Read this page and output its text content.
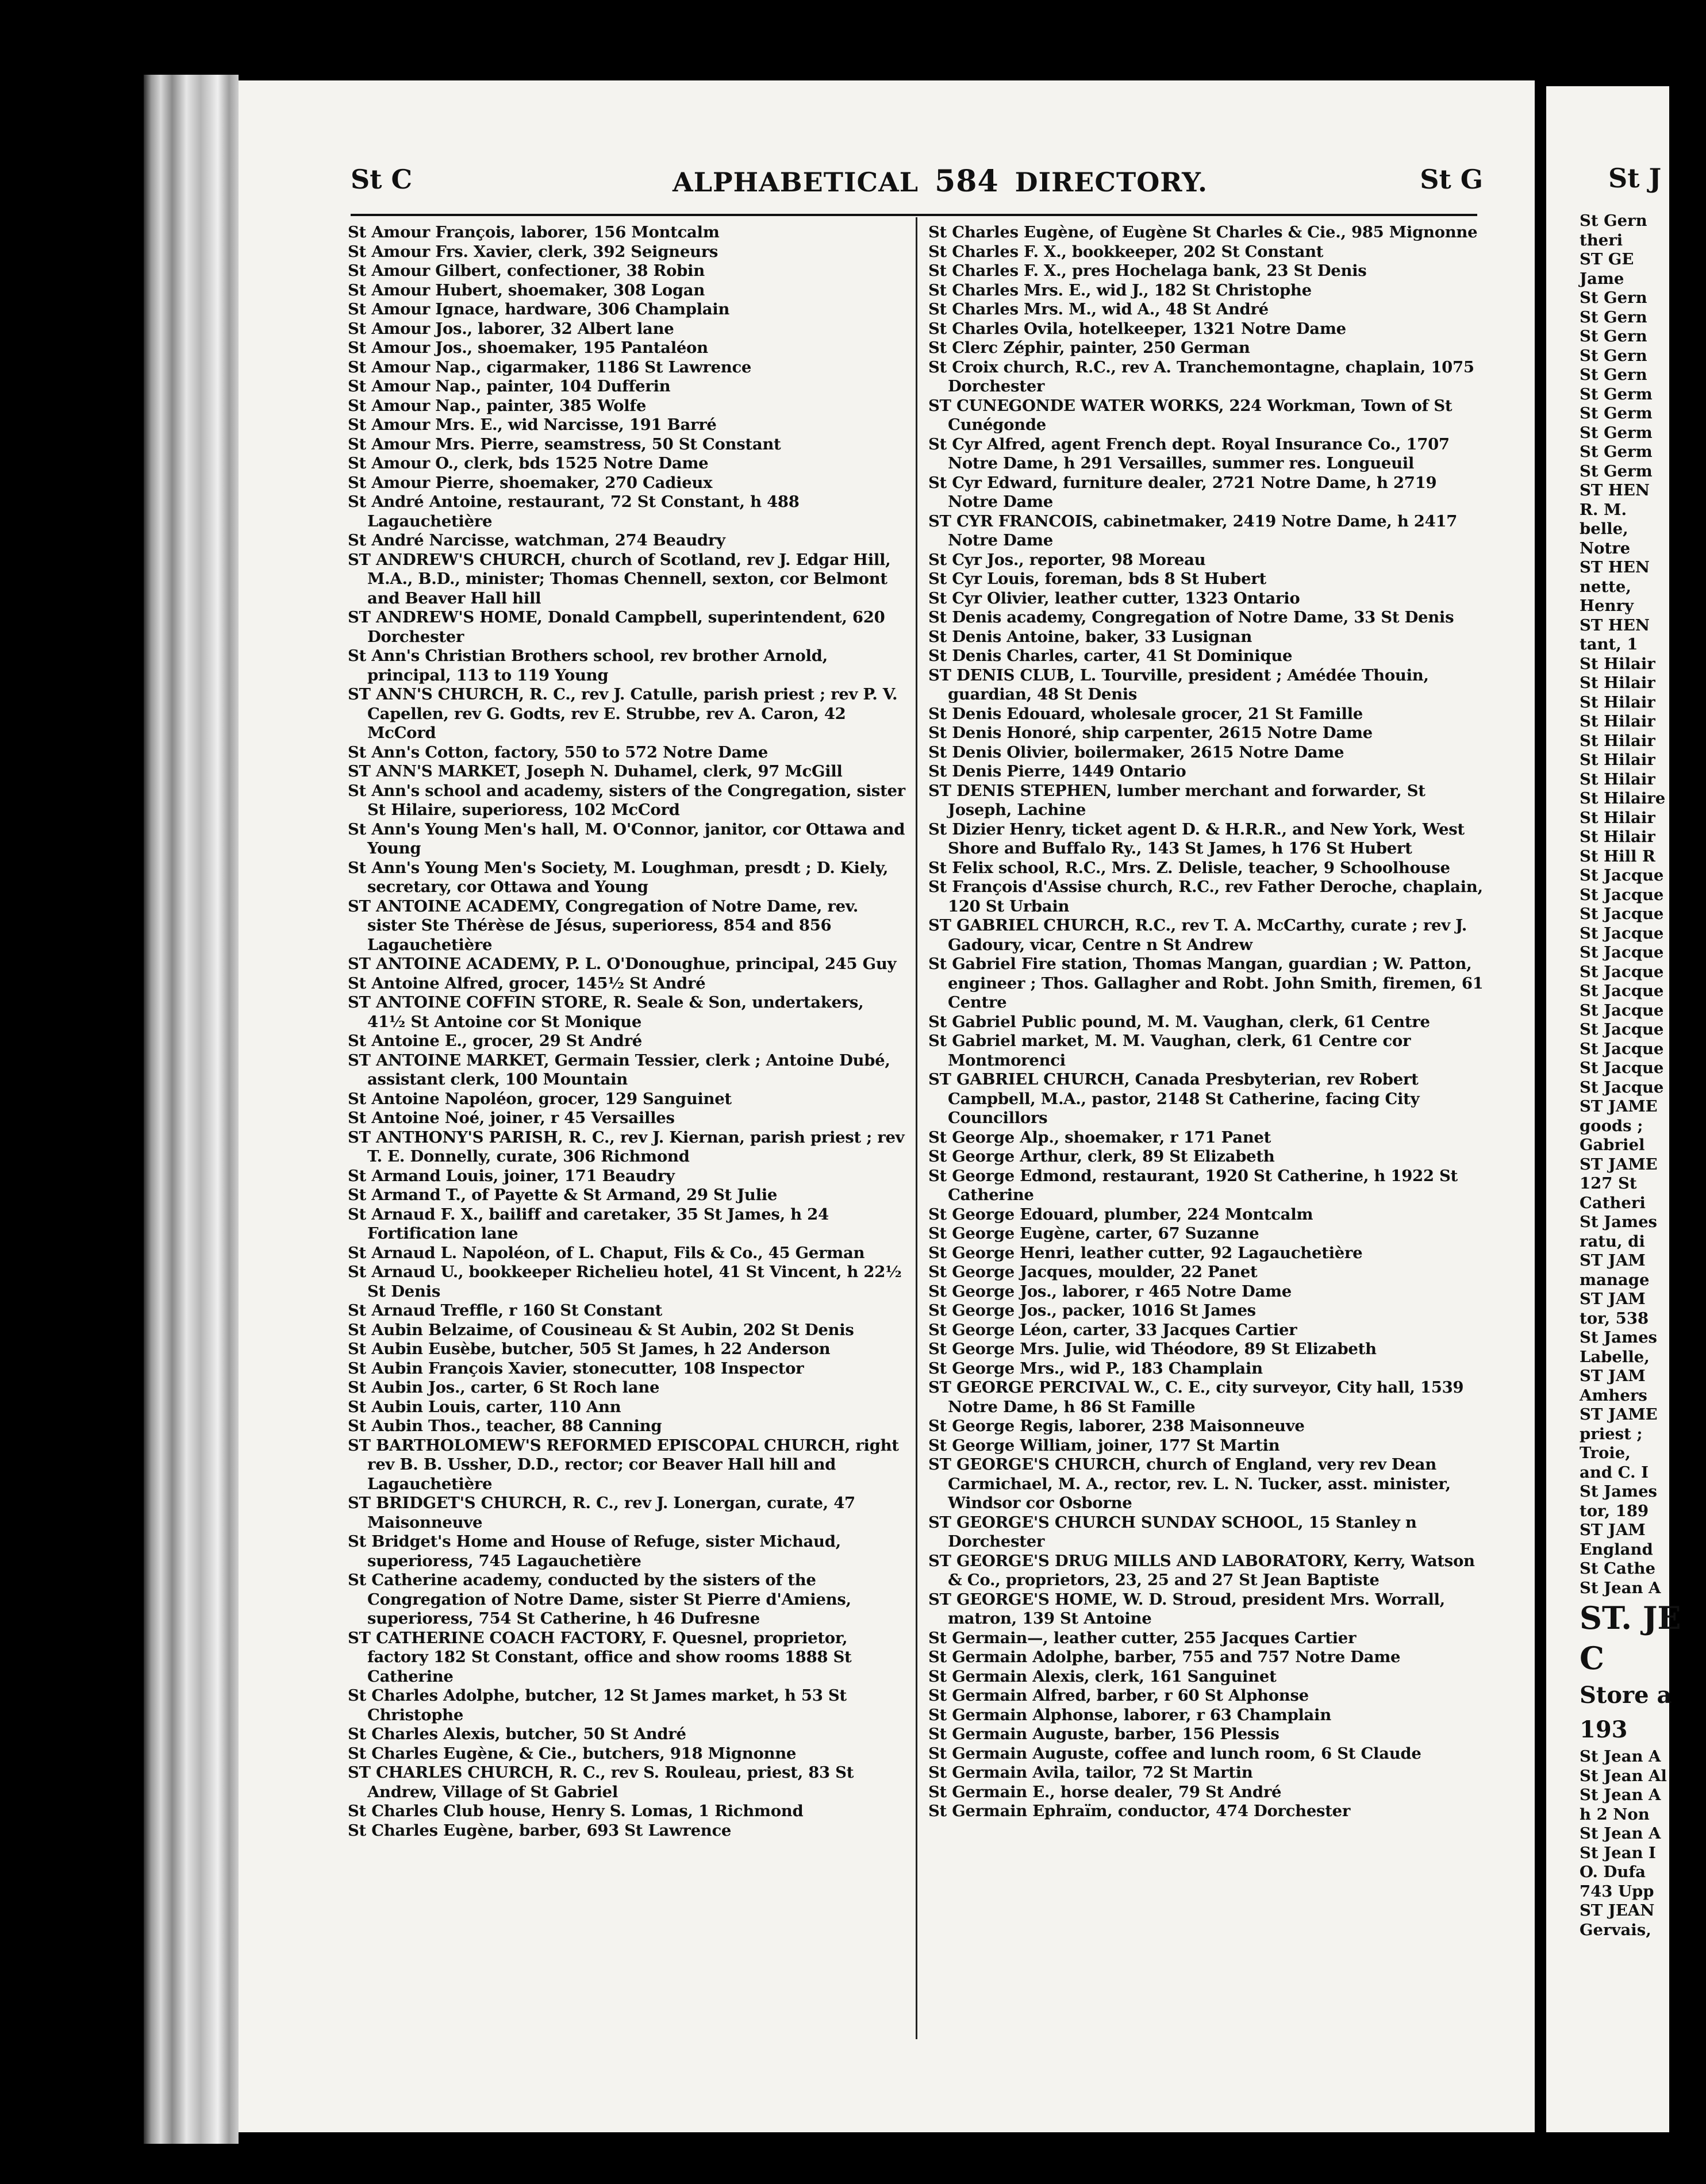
St C	ALPHABETICAL 584 DIRECTORY.	St G

St Amour François, laborer, 156 Montcalm

St Amour Frs. Xavier, clerk, 392 Seigneurs

St Amour Gilbert, confectioner, 38 Robin

St Amour Hubert, shoemaker, 308 Logan

St Amour Ignace, hardware, 306 Champlain

St Amour Jos., laborer, 32 Albert lane

St Amour Jos., shoemaker, 195 Pantaléon

St Amour Nap., cigarmaker, 1186 St Lawrence

St Amour Nap., painter, 104 Dufferin

St Amour Nap., painter, 385 Wolfe

St Amour Mrs. E., wid Narcisse, 191 Barré

St Amour Mrs. Pierre, seamstress, 50 St Constant

St Amour O., clerk, bds 1525 Notre Dame

St Amour Pierre, shoemaker, 270 Cadieux

St André Antoine, restaurant, 72 St Constant, h 488 Lagauchetière

St André Narcisse, watchman, 274 Beaudry

ST ANDREW'S CHURCH, church of Scotland, rev J. Edgar Hill, M.A., B.D., minister; Thomas Chennell, sexton, cor Belmont and Beaver Hall hill

ST ANDREW'S HOME, Donald Campbell, superintendent, 620 Dorchester

St Ann's Christian Brothers school, rev brother Arnold, principal, 113 to 119 Young

ST ANN'S CHURCH, R. C., rev J. Catulle, parish priest ; rev P. V. Capellen, rev G. Godts, rev E. Strubbe, rev A. Caron, 42 McCord

St Ann's Cotton, factory, 550 to 572 Notre Dame

ST ANN'S MARKET, Joseph N. Duhamel, clerk, 97 McGill

St Ann's school and academy, sisters of the Congregation, sister St Hilaire, superioress, 102 McCord

St Ann's Young Men's hall, M. O'Connor, janitor, cor Ottawa and Young

St Ann's Young Men's Society, M. Loughman, presdt ; D. Kiely, secretary, cor Ottawa and Young

ST ANTOINE ACADEMY, Congregation of Notre Dame, rev. sister Ste Thérèse de Jésus, superioress, 854 and 856 Lagauchetière

ST ANTOINE ACADEMY, P. L. O'Donoughue, principal, 245 Guy

St Antoine Alfred, grocer, 145½ St André

ST ANTOINE COFFIN STORE, R. Seale & Son, undertakers, 41½ St Antoine cor St Monique

St Antoine E., grocer, 29 St André

ST ANTOINE MARKET, Germain Tessier, clerk ; Antoine Dubé, assistant clerk, 100 Mountain

St Antoine Napoléon, grocer, 129 Sanguinet

St Antoine Noé, joiner, r 45 Versailles

ST ANTHONY'S PARISH, R. C., rev J. Kiernan, parish priest ; rev T. E. Donnelly, curate, 306 Richmond

St Armand Louis, joiner, 171 Beaudry

St Armand T., of Payette & St Armand, 29 St Julie

St Arnaud F. X., bailiff and caretaker, 35 St James, h 24 Fortification lane

St Arnaud L. Napoléon, of L. Chaput, Fils & Co., 45 German

St Arnaud U., bookkeeper Richelieu hotel, 41 St Vincent, h 22½ St Denis

St Arnaud Treffle, r 160 St Constant

St Aubin Belzaime, of Cousineau & St Aubin, 202 St Denis

St Aubin Eusèbe, butcher, 505 St James, h 22 Anderson

St Aubin François Xavier, stonecutter, 108 Inspector

St Aubin Jos., carter, 6 St Roch lane

St Aubin Louis, carter, 110 Ann

St Aubin Thos., teacher, 88 Canning

ST BARTHOLOMEW'S REFORMED EPISCOPAL CHURCH, right rev B. B. Ussher, D.D., rector; cor Beaver Hall hill and Lagauchetière

ST BRIDGET'S CHURCH, R. C., rev J. Lonergan, curate, 47 Maisonneuve

St Bridget's Home and House of Refuge, sister Michaud, superioress, 745 Lagauchetière

St Catherine academy, conducted by the sisters of the Congregation of Notre Dame, sister St Pierre d'Amiens, superioress, 754 St Catherine, h 46 Dufresne

ST CATHERINE COACH FACTORY, F. Quesnel, proprietor, factory 182 St Constant, office and show rooms 1888 St Catherine

St Charles Adolphe, butcher, 12 St James market, h 53 St Christophe

St Charles Alexis, butcher, 50 St André

St Charles Eugène, & Cie., butchers, 918 Mignonne

ST CHARLES CHURCH, R. C., rev S. Rouleau, priest, 83 St Andrew, Village of St Gabriel

St Charles Club house, Henry S. Lomas, 1 Richmond

St Charles Eugène, barber, 693 St Lawrence

St Charles Eugène, of Eugène St Charles & Cie., 985 Mignonne

St Charles F. X., bookkeeper, 202 St Constant

St Charles F. X., pres Hochelaga bank, 23 St Denis

St Charles Mrs. E., wid J., 182 St Christophe

St Charles Mrs. M., wid A., 48 St André

St Charles Ovila, hotelkeeper, 1321 Notre Dame

St Clerc Zéphir, painter, 250 German

St Croix church, R.C., rev A. Tranchemontagne, chaplain, 1075 Dorchester

ST CUNEGONDE WATER WORKS, 224 Workman, Town of St Cunégonde

St Cyr Alfred, agent French dept. Royal Insurance Co., 1707 Notre Dame, h 291 Versailles, summer res. Longueuil

St Cyr Edward, furniture dealer, 2721 Notre Dame, h 2719 Notre Dame

ST CYR FRANCOIS, cabinetmaker, 2419 Notre Dame, h 2417 Notre Dame

St Cyr Jos., reporter, 98 Moreau

St Cyr Louis, foreman, bds 8 St Hubert

St Cyr Olivier, leather cutter, 1323 Ontario

St Denis academy, Congregation of Notre Dame, 33 St Denis

St Denis Antoine, baker, 33 Lusignan

St Denis Charles, carter, 41 St Dominique

ST DENIS CLUB, L. Tourville, president ; Amédée Thouin, guardian, 48 St Denis

St Denis Edouard, wholesale grocer, 21 St Famille

St Denis Honoré, ship carpenter, 2615 Notre Dame

St Denis Olivier, boilermaker, 2615 Notre Dame

St Denis Pierre, 1449 Ontario

ST DENIS STEPHEN, lumber merchant and forwarder, St Joseph, Lachine

St Dizier Henry, ticket agent D. & H.R.R., and New York, West Shore and Buffalo Ry., 143 St James, h 176 St Hubert

St Felix school, R.C., Mrs. Z. Delisle, teacher, 9 Schoolhouse

St François d'Assise church, R.C., rev Father Deroche, chaplain, 120 St Urbain

ST GABRIEL CHURCH, R.C., rev T. A. McCarthy, curate ; rev J. Gadoury, vicar, Centre n St Andrew

St Gabriel Fire station, Thomas Mangan, guardian ; W. Patton, engineer ; Thos. Gallagher and Robt. John Smith, firemen, 61 Centre

St Gabriel Public pound, M. M. Vaughan, clerk, 61 Centre

St Gabriel market, M. M. Vaughan, clerk, 61 Centre cor Montmorenci

ST GABRIEL CHURCH, Canada Presbyterian, rev Robert Campbell, M.A., pastor, 2148 St Catherine, facing City Councillors

St George Alp., shoemaker, r 171 Panet

St George Arthur, clerk, 89 St Elizabeth

St George Edmond, restaurant, 1920 St Catherine, h 1922 St Catherine

St George Edouard, plumber, 224 Montcalm

St George Eugène, carter, 67 Suzanne

St George Henri, leather cutter, 92 Lagauchetière

St George Jacques, moulder, 22 Panet

St George Jos., laborer, r 465 Notre Dame

St George Jos., packer, 1016 St James

St George Léon, carter, 33 Jacques Cartier

St George Mrs. Julie, wid Théodore, 89 St Elizabeth

St George Mrs., wid P., 183 Champlain

ST GEORGE PERCIVAL W., C. E., city surveyor, City hall, 1539 Notre Dame, h 86 St Famille

St George Regis, laborer, 238 Maisonneuve

St George William, joiner, 177 St Martin

ST GEORGE'S CHURCH, church of England, very rev Dean Carmichael, M. A., rector, rev. L. N. Tucker, asst. minister, Windsor cor Osborne

ST GEORGE'S CHURCH SUNDAY SCHOOL, 15 Stanley n Dorchester

ST GEORGE'S DRUG MILLS AND LABORATORY, Kerry, Watson & Co., proprietors, 23, 25 and 27 St Jean Baptiste

ST GEORGE'S HOME, W. D. Stroud, president Mrs. Worrall, matron, 139 St Antoine

St Germain—, leather cutter, 255 Jacques Cartier

St Germain Adolphe, barber, 755 and 757 Notre Dame

St Germain Alexis, clerk, 161 Sanguinet

St Germain Alfred, barber, r 60 St Alphonse

St Germain Alphonse, laborer, r 63 Champlain

St Germain Auguste, barber, 156 Plessis

St Germain Auguste, coffee and lunch room, 6 St Claude

St Germain Avila, tailor, 72 St Martin

St Germain E., horse dealer, 79 St André

St Germain Ephraïm, conductor, 474 Dorchester

St J
St Gern
theri
ST GE
Jame
St Gern
St Gern
St Gern
St Gern
St Gern
St Germ
St Germ
St Germ
St Germ
St Germ
ST HEN
R. M.
belle,
Notre
ST HEN
nette,
Henry
ST HEN
tant, 1
St Hilair
St Hilair
St Hilair
St Hilair
St Hilair
St Hilair
St Hilair
St Hilaire
St Hilair
St Hilair
St Hill R
St Jacque
St Jacque
St Jacque
St Jacque
St Jacque
St Jacque
St Jacque
St Jacque
St Jacque
St Jacque
St Jacque
St Jacque
ST JAME
goods ;
Gabriel
ST JAME
127 St
Catheri
St James
ratu, di
ST JAM
manage
ST JAM
tor, 538
St James
Labelle,
ST JAM
Amhers
ST JAME
priest ;
Troie,
and C. I
St James
tor, 189
ST JAM
England
St Cathe
St Jean A
ST. JE
C
Store a
193
St Jean A
St Jean Al
St Jean A
h 2 Non
St Jean A
St Jean I
O. Dufa
743 Upp
ST JEAN
Gervais,
